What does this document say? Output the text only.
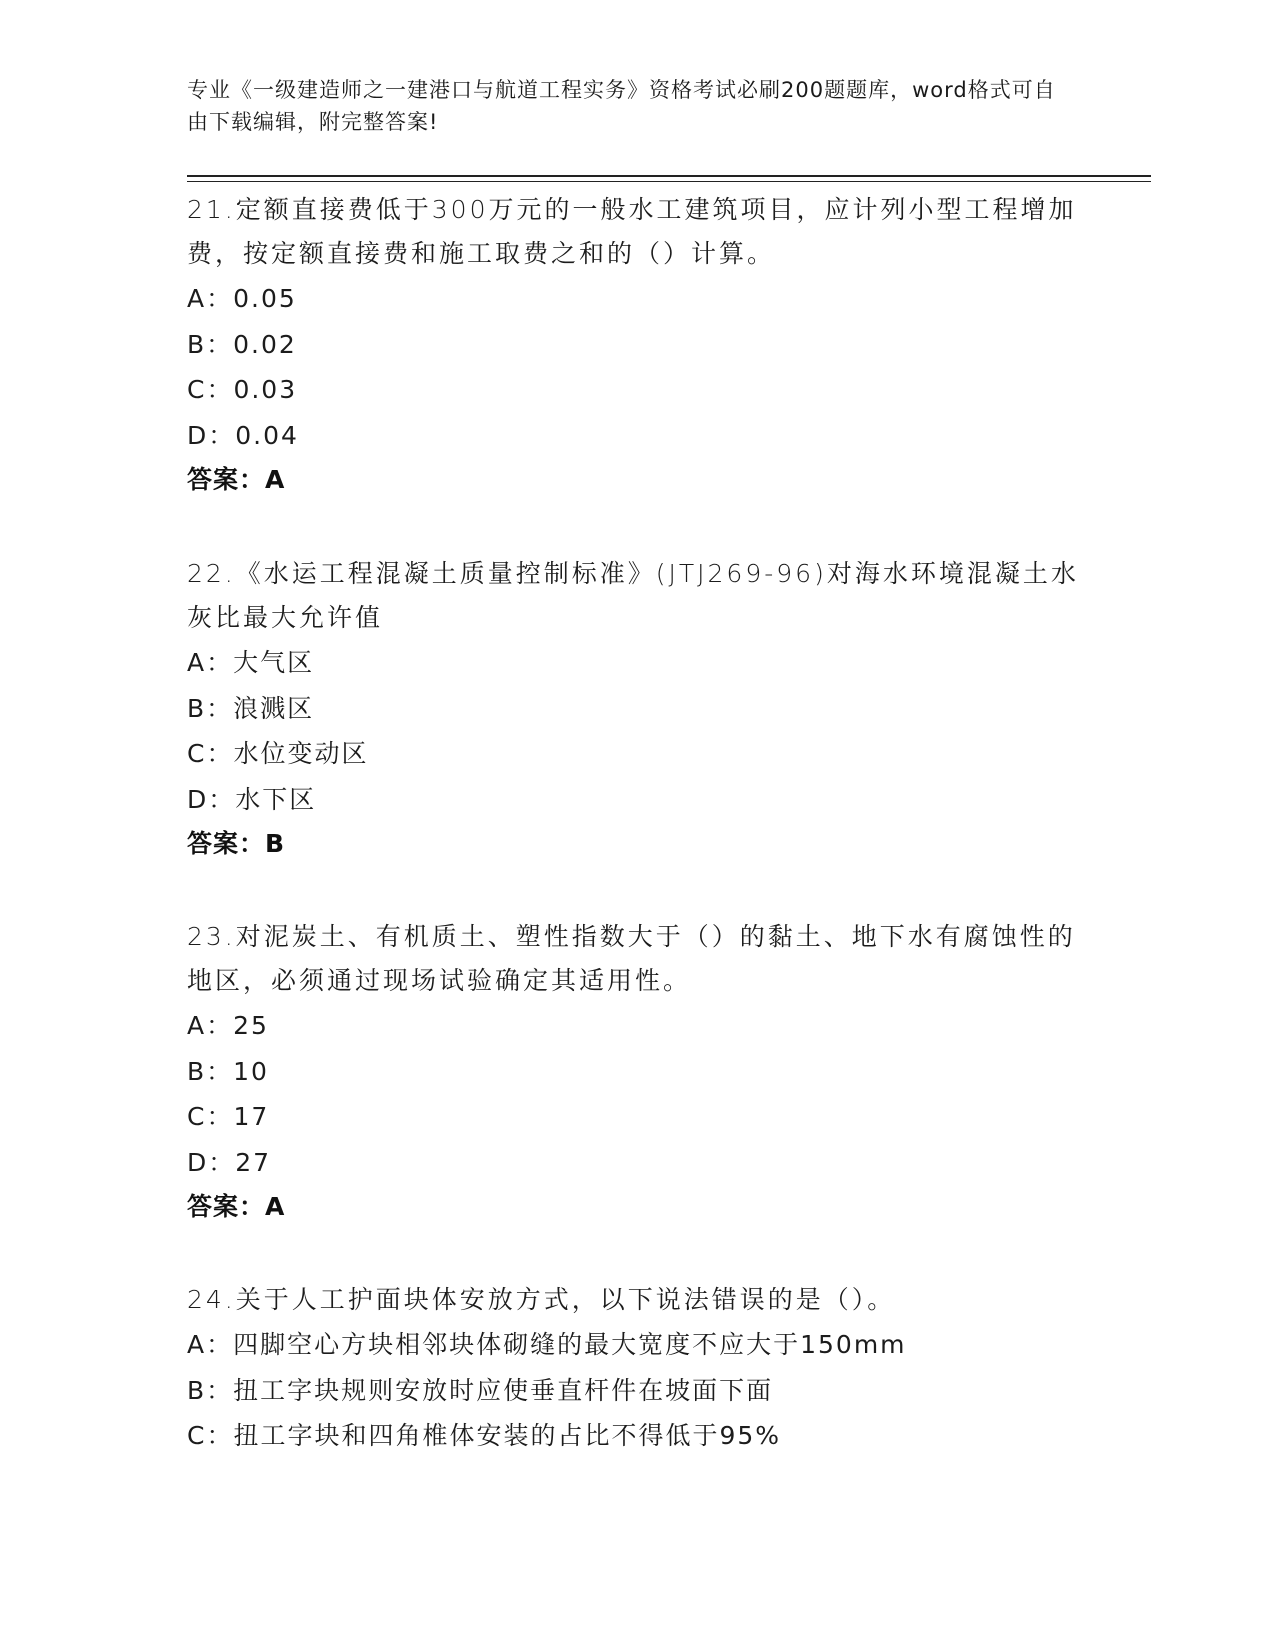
专业《一级建造师之一建港口与航道工程实务》资格考试必刷200题题库，word格式可自由下载编辑，附完整答案!

21.定额直接费低于300万元的一般水工建筑项目，应计列小型工程增加费，按定额直接费和施工取费之和的（）计算。

A：0.05
B：0.02
C：0.03
D：0.04
答案：A

22.《水运工程混凝土质量控制标准》(JTJ269-96)对海水环境混凝土水灰比最大允许值

A：大气区
B：浪溅区
C：水位变动区
D：水下区
答案：B

23.对泥炭土、有机质土、塑性指数大于（）的黏土、地下水有腐蚀性的地区，必须通过现场试验确定其适用性。

A：25
B：10
C：17
D：27
答案：A

24.关于人工护面块体安放方式，以下说法错误的是（）。

A：四脚空心方块相邻块体砌缝的最大宽度不应大于150mm
B：扭工字块规则安放时应使垂直杆件在坡面下面
C：扭工字块和四角椎体安装的占比不得低于95%
